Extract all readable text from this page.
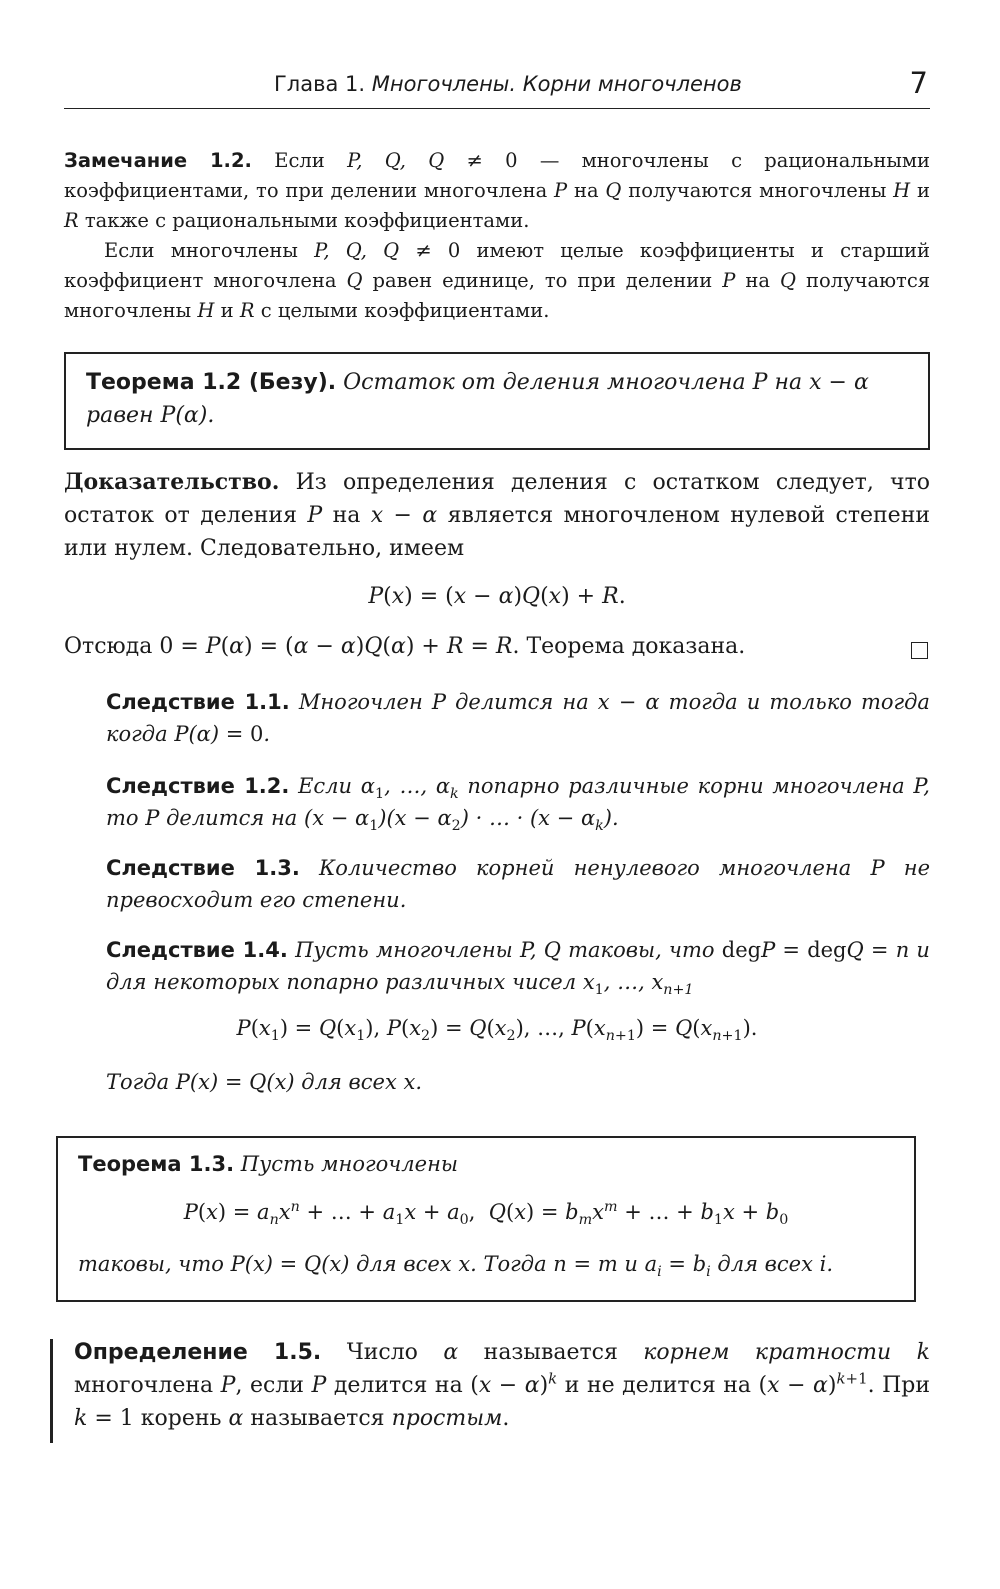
Глава 1. Многочлены. Корни многочленов	7
Замечание 1.2. Если P, Q, Q ≠ 0 — многочлены с рациональными коэффициентами, то при делении многочлена P на Q получаются многочлены H и R также с рациональными коэффициентами.
Если многочлены P, Q, Q ≠ 0 имеют целые коэффициенты и старший коэффициент многочлена Q равен единице, то при делении P на Q получаются многочлены H и R с целыми коэффициентами.
Теорема 1.2 (Безу). Остаток от деления многочлена P на x − α равен P(α).
Доказательство. Из определения деления с остатком следует, что остаток от деления P на x − α является многочленом нулевой степени или нулем. Следовательно, имеем
P(x) = (x − α)Q(x) + R.
Отсюда 0 = P(α) = (α − α)Q(α) + R = R. Теорема доказана.
Следствие 1.1. Многочлен P делится на x − α тогда и только тогда когда P(α) = 0.
Следствие 1.2. Если $\alpha_1$, …, $\alpha_k$ попарно различные корни многочлена P, то P делится на $(x - \alpha_1)(x - \alpha_2)$ · … · $(x - \alpha_k)$.
Следствие 1.3. Количество корней ненулевого многочлена P не превосходит его степени.
Следствие 1.4. Пусть многочлены P, Q таковы, что degP = degQ = n и для некоторых попарно различных чисел $x_1$, …, $x_{n+1}$
$P(x_1) = Q(x_1)$, $P(x_2) = Q(x_2)$, …, $P(x_{n+1}) = Q(x_{n+1})$.
Тогда P(x) = Q(x) для всех x.
Теорема 1.3. Пусть многочлены
$P(x) = a_nx^n$ + … + $a_1x + a_0$,  $Q(x) = b_mx^m$ + … + $b_1x + b_0$
таковы, что P(x) = Q(x) для всех x. Тогда n = m и $a_i = b_i$ для всех i.
Определение 1.5. Число α называется корнем кратности k многочлена P, если P делится на $(x - \alpha)^k$ и не делится на $(x - \alpha)^{k+1}$. При k = 1 корень α называется простым.
